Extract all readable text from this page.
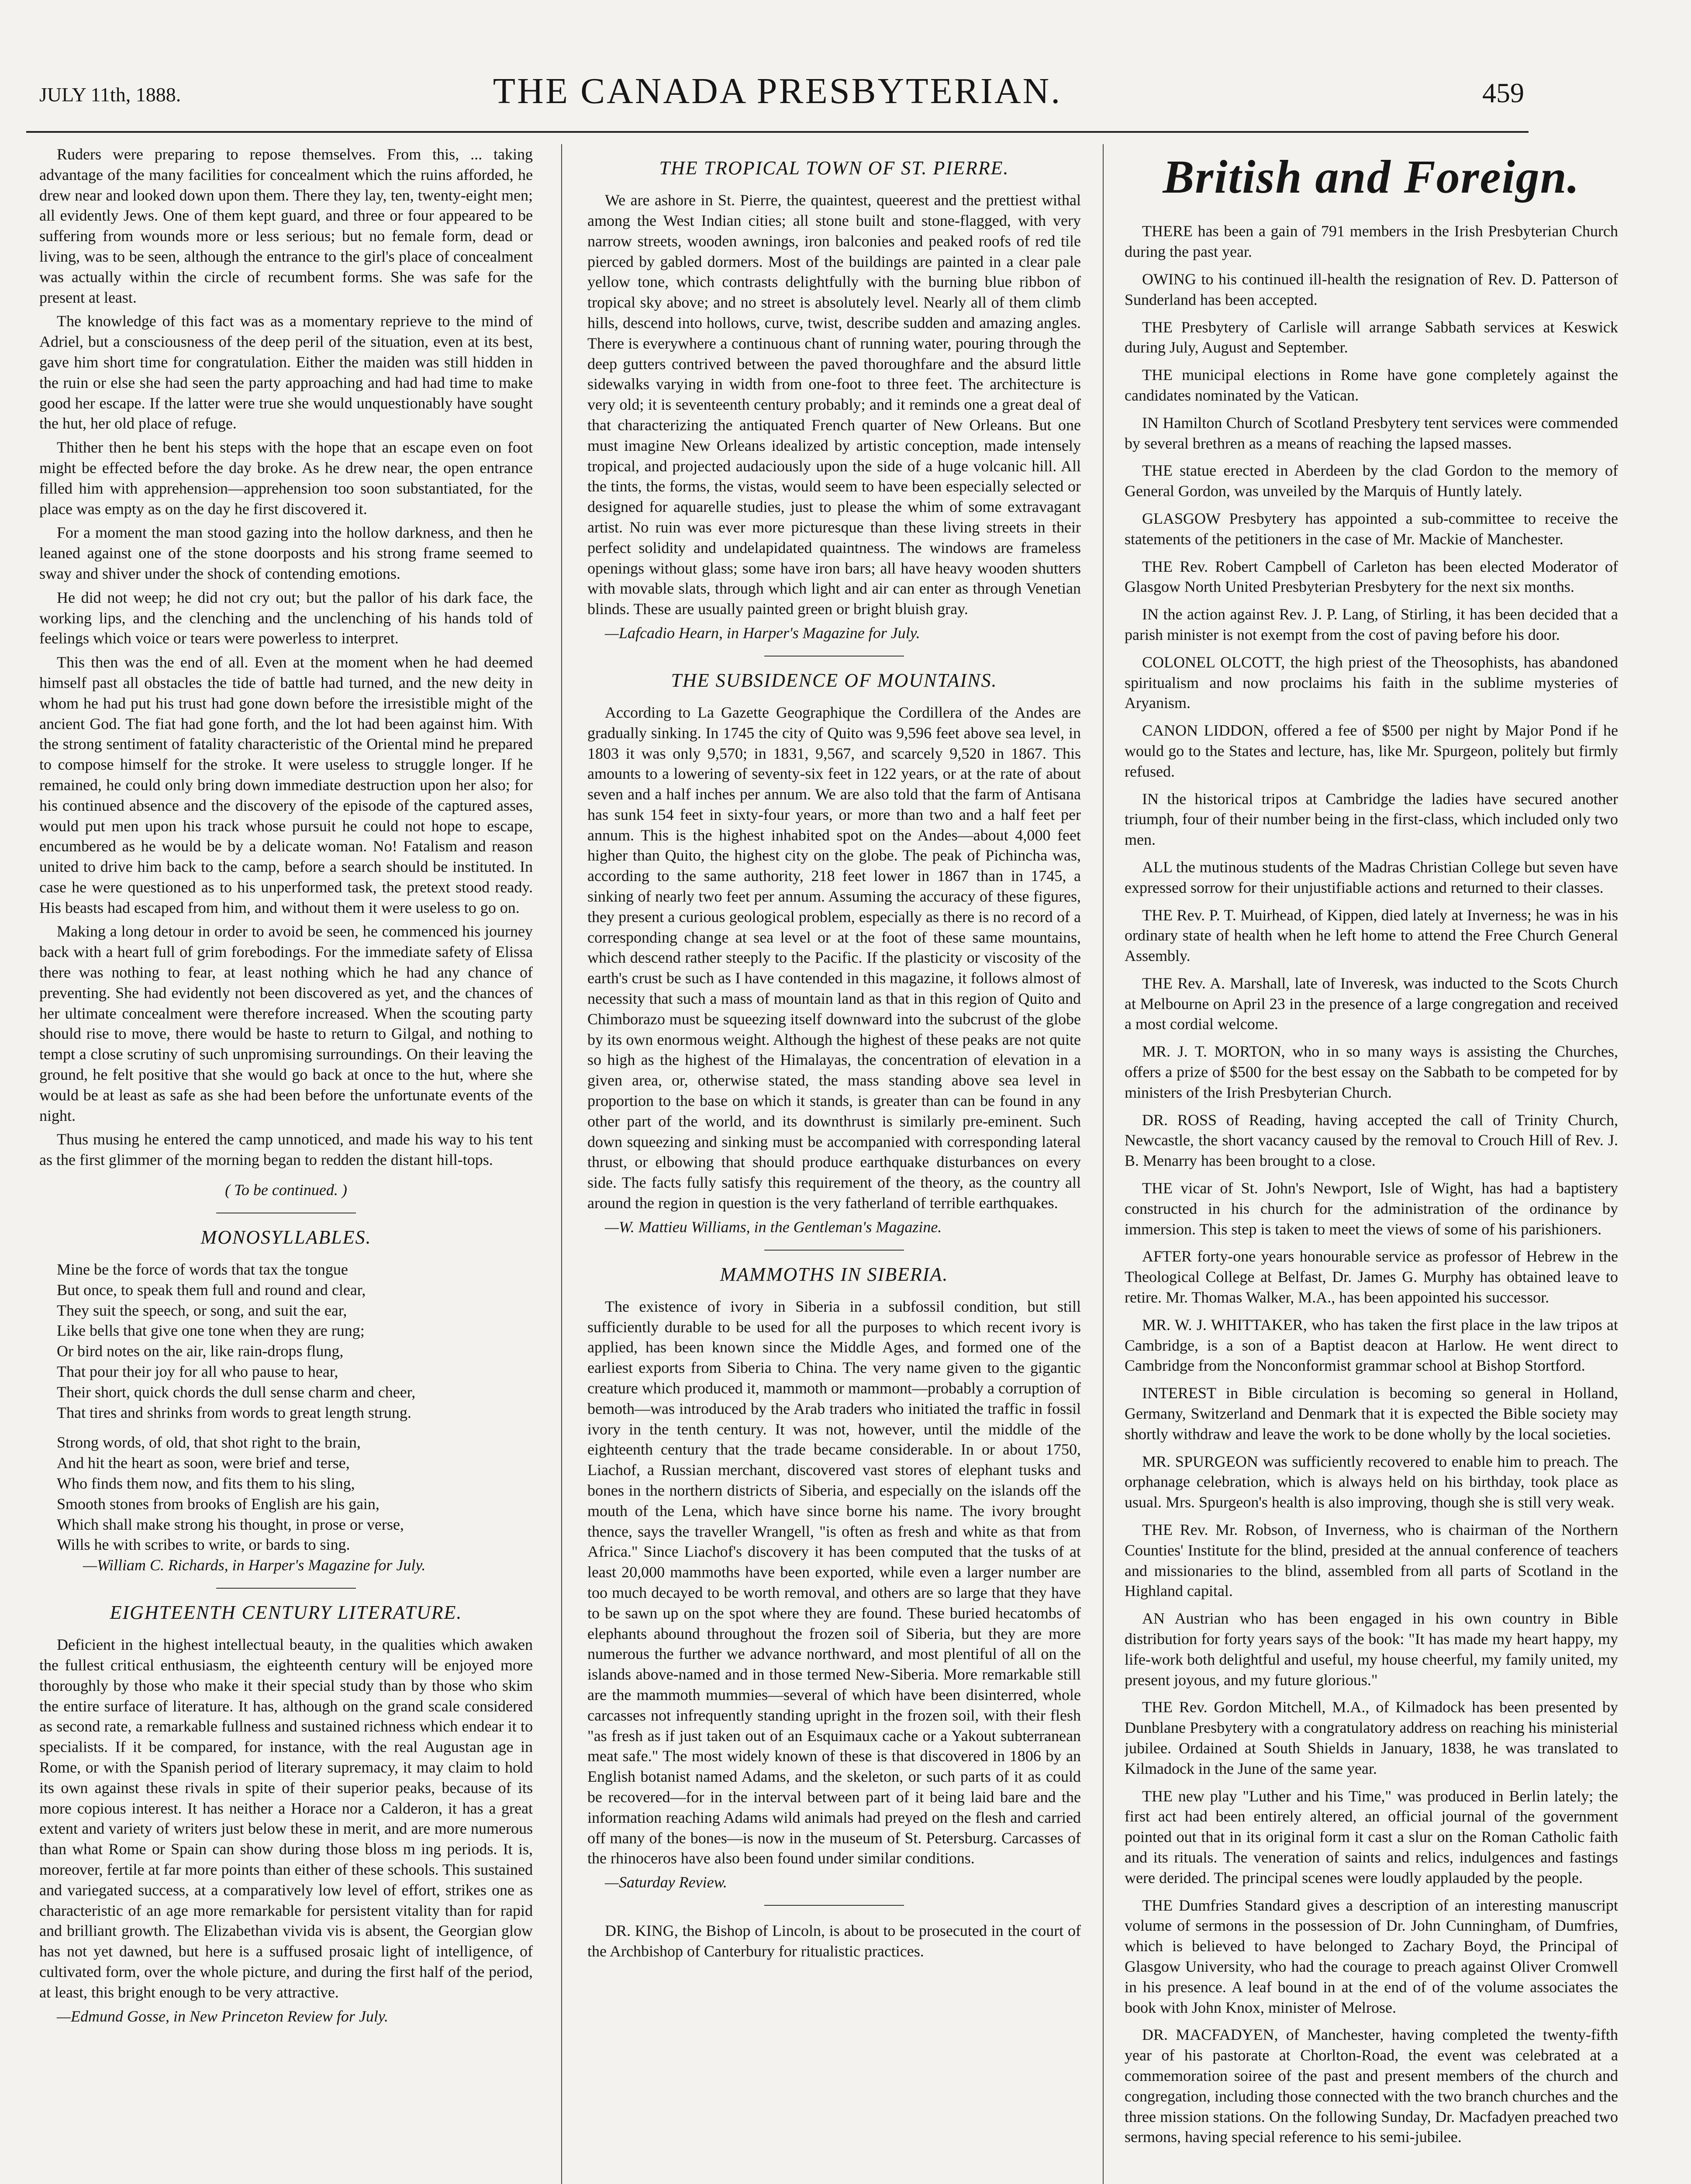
JULY 11th, 1888.	THE CANADA PRESBYTERIAN.	459

Ruders were preparing to repose themselves. From this, ... taking advantage of the many facilities for concealment which the ruins afforded, he drew near and looked down upon them. There they lay, ten, twenty-eight men; all evidently Jews. One of them kept guard, and three or four appeared to be suffering from wounds more or less serious; but no female form, dead or living, was to be seen, although the entrance to the girl's place of concealment was actually within the circle of recumbent forms. She was safe for the present at least.

The knowledge of this fact was as a momentary reprieve to the mind of Adriel, but a consciousness of the deep peril of the situation, even at its best, gave him short time for congratulation. Either the maiden was still hidden in the ruin or else she had seen the party approaching and had had time to make good her escape. If the latter were true she would unquestionably have sought the hut, her old place of refuge.

Thither then he bent his steps with the hope that an escape even on foot might be effected before the day broke. As he drew near, the open entrance filled him with apprehension—apprehension too soon substantiated, for the place was empty as on the day he first discovered it.

For a moment the man stood gazing into the hollow darkness, and then he leaned against one of the stone doorposts and his strong frame seemed to sway and shiver under the shock of contending emotions.

He did not weep; he did not cry out; but the pallor of his dark face, the working lips, and the clenching and the unclenching of his hands told of feelings which voice or tears were powerless to interpret.

This then was the end of all. Even at the moment when he had deemed himself past all obstacles the tide of battle had turned, and the new deity in whom he had put his trust had gone down before the irresistible might of the ancient God. The fiat had gone forth, and the lot had been against him. With the strong sentiment of fatality characteristic of the Oriental mind he prepared to compose himself for the stroke. It were useless to struggle longer. If he remained, he could only bring down immediate destruction upon her also; for his continued absence and the discovery of the episode of the captured asses, would put men upon his track whose pursuit he could not hope to escape, encumbered as he would be by a delicate woman. No! Fatalism and reason united to drive him back to the camp, before a search should be instituted. In case he were questioned as to his unperformed task, the pretext stood ready. His beasts had escaped from him, and without them it were useless to go on.

Making a long detour in order to avoid be seen, he commenced his journey back with a heart full of grim forebodings. For the immediate safety of Elissa there was nothing to fear, at least nothing which he had any chance of preventing. She had evidently not been discovered as yet, and the chances of her ultimate concealment were therefore increased. When the scouting party should rise to move, there would be haste to return to Gilgal, and nothing to tempt a close scrutiny of such unpromising surroundings. On their leaving the ground, he felt positive that she would go back at once to the hut, where she would be at least as safe as she had been before the unfortunate events of the night.

Thus musing he entered the camp unnoticed, and made his way to his tent as the first glimmer of the morning began to redden the distant hill-tops.

( To be continued. )
MONOSYLLABLES.
Mine be the force of words that tax the tongue
But once, to speak them full and round and clear,
They suit the speech, or song, and suit the ear,
Like bells that give one tone when they are rung;
Or bird notes on the air, like rain-drops flung,
That pour their joy for all who pause to hear,
Their short, quick chords the dull sense charm and cheer,
That tires and shrinks from words to great length strung.
Strong words, of old, that shot right to the brain,
And hit the heart as soon, were brief and terse,
Who finds them now, and fits them to his sling,
Smooth stones from brooks of English are his gain,
Which shall make strong his thought, in prose or verse,
Wills he with scribes to write, or bards to sing.
—William C. Richards, in Harper's Magazine for July.
EIGHTEENTH CENTURY LITERATURE.

Deficient in the highest intellectual beauty, in the qualities which awaken the fullest critical enthusiasm, the eighteenth century will be enjoyed more thoroughly by those who make it their special study than by those who skim the entire surface of literature. It has, although on the grand scale considered as second rate, a remarkable fullness and sustained richness which endear it to specialists. If it be compared, for instance, with the real Augustan age in Rome, or with the Spanish period of literary supremacy, it may claim to hold its own against these rivals in spite of their superior peaks, because of its more copious interest. It has neither a Horace nor a Calderon, it has a great extent and variety of writers just below these in merit, and are more numerous than what Rome or Spain can show during those bloss m ing periods. It is, moreover, fertile at far more points than either of these schools. This sustained and variegated success, at a comparatively low level of effort, strikes one as characteristic of an age more remarkable for persistent vitality than for rapid and brilliant growth. The Elizabethan vivida vis is absent, the Georgian glow has not yet dawned, but here is a suffused prosaic light of intelligence, of cultivated form, over the whole picture, and during the first half of the period, at least, this bright enough to be very attractive.

—Edmund Gosse, in New Princeton Review for July.

THE TROPICAL TOWN OF ST. PIERRE.

We are ashore in St. Pierre, the quaintest, queerest and the prettiest withal among the West Indian cities; all stone built and stone-flagged, with very narrow streets, wooden awnings, iron balconies and peaked roofs of red tile pierced by gabled dormers. Most of the buildings are painted in a clear pale yellow tone, which contrasts delightfully with the burning blue ribbon of tropical sky above; and no street is absolutely level. Nearly all of them climb hills, descend into hollows, curve, twist, describe sudden and amazing angles. There is everywhere a continuous chant of running water, pouring through the deep gutters contrived between the paved thoroughfare and the absurd little sidewalks varying in width from one-foot to three feet. The architecture is very old; it is seventeenth century probably; and it reminds one a great deal of that characterizing the antiquated French quarter of New Orleans. But one must imagine New Orleans idealized by artistic conception, made intensely tropical, and projected audaciously upon the side of a huge volcanic hill. All the tints, the forms, the vistas, would seem to have been especially selected or designed for aquarelle studies, just to please the whim of some extravagant artist. No ruin was ever more picturesque than these living streets in their perfect solidity and undelapidated quaintness. The windows are frameless openings without glass; some have iron bars; all have heavy wooden shutters with movable slats, through which light and air can enter as through Venetian blinds. These are usually painted green or bright bluish gray.

—Lafcadio Hearn, in Harper's Magazine for July.

THE SUBSIDENCE OF MOUNTAINS.

According to La Gazette Geographique the Cordillera of the Andes are gradually sinking. In 1745 the city of Quito was 9,596 feet above sea level, in 1803 it was only 9,570; in 1831, 9,567, and scarcely 9,520 in 1867. This amounts to a lowering of seventy-six feet in 122 years, or at the rate of about seven and a half inches per annum. We are also told that the farm of Antisana has sunk 154 feet in sixty-four years, or more than two and a half feet per annum. This is the highest inhabited spot on the Andes—about 4,000 feet higher than Quito, the highest city on the globe. The peak of Pichincha was, according to the same authority, 218 feet lower in 1867 than in 1745, a sinking of nearly two feet per annum. Assuming the accuracy of these figures, they present a curious geological problem, especially as there is no record of a corresponding change at sea level or at the foot of these same mountains, which descend rather steeply to the Pacific. If the plasticity or viscosity of the earth's crust be such as I have contended in this magazine, it follows almost of necessity that such a mass of mountain land as that in this region of Quito and Chimborazo must be squeezing itself downward into the subcrust of the globe by its own enormous weight. Although the highest of these peaks are not quite so high as the highest of the Himalayas, the concentration of elevation in a given area, or, otherwise stated, the mass standing above sea level in proportion to the base on which it stands, is greater than can be found in any other part of the world, and its downthrust is similarly pre-eminent. Such down squeezing and sinking must be accompanied with corresponding lateral thrust, or elbowing that should produce earthquake disturbances on every side. The facts fully satisfy this requirement of the theory, as the country all around the region in question is the very fatherland of terrible earthquakes.

—W. Mattieu Williams, in the Gentleman's Magazine.

MAMMOTHS IN SIBERIA.

The existence of ivory in Siberia in a subfossil condition, but still sufficiently durable to be used for all the purposes to which recent ivory is applied, has been known since the Middle Ages, and formed one of the earliest exports from Siberia to China. The very name given to the gigantic creature which produced it, mammoth or mammont—probably a corruption of bemoth—was introduced by the Arab traders who initiated the traffic in fossil ivory in the tenth century. It was not, however, until the middle of the eighteenth century that the trade became considerable. In or about 1750, Liachof, a Russian merchant, discovered vast stores of elephant tusks and bones in the northern districts of Siberia, and especially on the islands off the mouth of the Lena, which have since borne his name. The ivory brought thence, says the traveller Wrangell, "is often as fresh and white as that from Africa." Since Liachof's discovery it has been computed that the tusks of at least 20,000 mammoths have been exported, while even a larger number are too much decayed to be worth removal, and others are so large that they have to be sawn up on the spot where they are found. These buried hecatombs of elephants abound throughout the frozen soil of Siberia, but they are more numerous the further we advance northward, and most plentiful of all on the islands above-named and in those termed New-Siberia. More remarkable still are the mammoth mummies—several of which have been disinterred, whole carcasses not infrequently standing upright in the frozen soil, with their flesh "as fresh as if just taken out of an Esquimaux cache or a Yakout subterranean meat safe." The most widely known of these is that discovered in 1806 by an English botanist named Adams, and the skeleton, or such parts of it as could be recovered—for in the interval between part of it being laid bare and the information reaching Adams wild animals had preyed on the flesh and carried off many of the bones—is now in the museum of St. Petersburg. Carcasses of the rhinoceros have also been found under similar conditions.

—Saturday Review.

DR. KING, the Bishop of Lincoln, is about to be prosecuted in the court of the Archbishop of Canterbury for ritualistic practices.

British and Foreign.

THERE has been a gain of 791 members in the Irish Presbyterian Church during the past year.

OWING to his continued ill-health the resignation of Rev. D. Patterson of Sunderland has been accepted.

THE Presbytery of Carlisle will arrange Sabbath services at Keswick during July, August and September.

THE municipal elections in Rome have gone completely against the candidates nominated by the Vatican.

IN Hamilton Church of Scotland Presbytery tent services were commended by several brethren as a means of reaching the lapsed masses.

THE statue erected in Aberdeen by the clad Gordon to the memory of General Gordon, was unveiled by the Marquis of Huntly lately.

GLASGOW Presbytery has appointed a sub-committee to receive the statements of the petitioners in the case of Mr. Mackie of Manchester.

THE Rev. Robert Campbell of Carleton has been elected Moderator of Glasgow North United Presbyterian Presbytery for the next six months.

IN the action against Rev. J. P. Lang, of Stirling, it has been decided that a parish minister is not exempt from the cost of paving before his door.

COLONEL OLCOTT, the high priest of the Theosophists, has abandoned spiritualism and now proclaims his faith in the sublime mysteries of Aryanism.

CANON LIDDON, offered a fee of $500 per night by Major Pond if he would go to the States and lecture, has, like Mr. Spurgeon, politely but firmly refused.

IN the historical tripos at Cambridge the ladies have secured another triumph, four of their number being in the first-class, which included only two men.

ALL the mutinous students of the Madras Christian College but seven have expressed sorrow for their unjustifiable actions and returned to their classes.

THE Rev. P. T. Muirhead, of Kippen, died lately at Inverness; he was in his ordinary state of health when he left home to attend the Free Church General Assembly.

THE Rev. A. Marshall, late of Inveresk, was inducted to the Scots Church at Melbourne on April 23 in the presence of a large congregation and received a most cordial welcome.

MR. J. T. MORTON, who in so many ways is assisting the Churches, offers a prize of $500 for the best essay on the Sabbath to be competed for by ministers of the Irish Presbyterian Church.

DR. ROSS of Reading, having accepted the call of Trinity Church, Newcastle, the short vacancy caused by the removal to Crouch Hill of Rev. J. B. Menarry has been brought to a close.

THE vicar of St. John's Newport, Isle of Wight, has had a baptistery constructed in his church for the administration of the ordinance by immersion. This step is taken to meet the views of some of his parishioners.

AFTER forty-one years honourable service as professor of Hebrew in the Theological College at Belfast, Dr. James G. Murphy has obtained leave to retire. Mr. Thomas Walker, M.A., has been appointed his successor.

MR. W. J. WHITTAKER, who has taken the first place in the law tripos at Cambridge, is a son of a Baptist deacon at Harlow. He went direct to Cambridge from the Nonconformist grammar school at Bishop Stortford.

INTEREST in Bible circulation is becoming so general in Holland, Germany, Switzerland and Denmark that it is expected the Bible society may shortly withdraw and leave the work to be done wholly by the local societies.

MR. SPURGEON was sufficiently recovered to enable him to preach. The orphanage celebration, which is always held on his birthday, took place as usual. Mrs. Spurgeon's health is also improving, though she is still very weak.

THE Rev. Mr. Robson, of Inverness, who is chairman of the Northern Counties' Institute for the blind, presided at the annual conference of teachers and missionaries to the blind, assembled from all parts of Scotland in the Highland capital.

AN Austrian who has been engaged in his own country in Bible distribution for forty years says of the book: "It has made my heart happy, my life-work both delightful and useful, my house cheerful, my family united, my present joyous, and my future glorious."

THE Rev. Gordon Mitchell, M.A., of Kilmadock has been presented by Dunblane Presbytery with a congratulatory address on reaching his ministerial jubilee. Ordained at South Shields in January, 1838, he was translated to Kilmadock in the June of the same year.

THE new play "Luther and his Time," was produced in Berlin lately; the first act had been entirely altered, an official journal of the government pointed out that in its original form it cast a slur on the Roman Catholic faith and its rituals. The veneration of saints and relics, indulgences and fastings were derided. The principal scenes were loudly applauded by the people.

THE Dumfries Standard gives a description of an interesting manuscript volume of sermons in the possession of Dr. John Cunningham, of Dumfries, which is believed to have belonged to Zachary Boyd, the Principal of Glasgow University, who had the courage to preach against Oliver Cromwell in his presence. A leaf bound in at the end of of the volume associates the book with John Knox, minister of Melrose.

DR. MACFADYEN, of Manchester, having completed the twenty-fifth year of his pastorate at Chorlton-Road, the event was celebrated at a commemoration soiree of the past and present members of the church and congregation, including those connected with the two branch churches and the three mission stations. On the following Sunday, Dr. Macfadyen preached two sermons, having special reference to his semi-jubilee.
